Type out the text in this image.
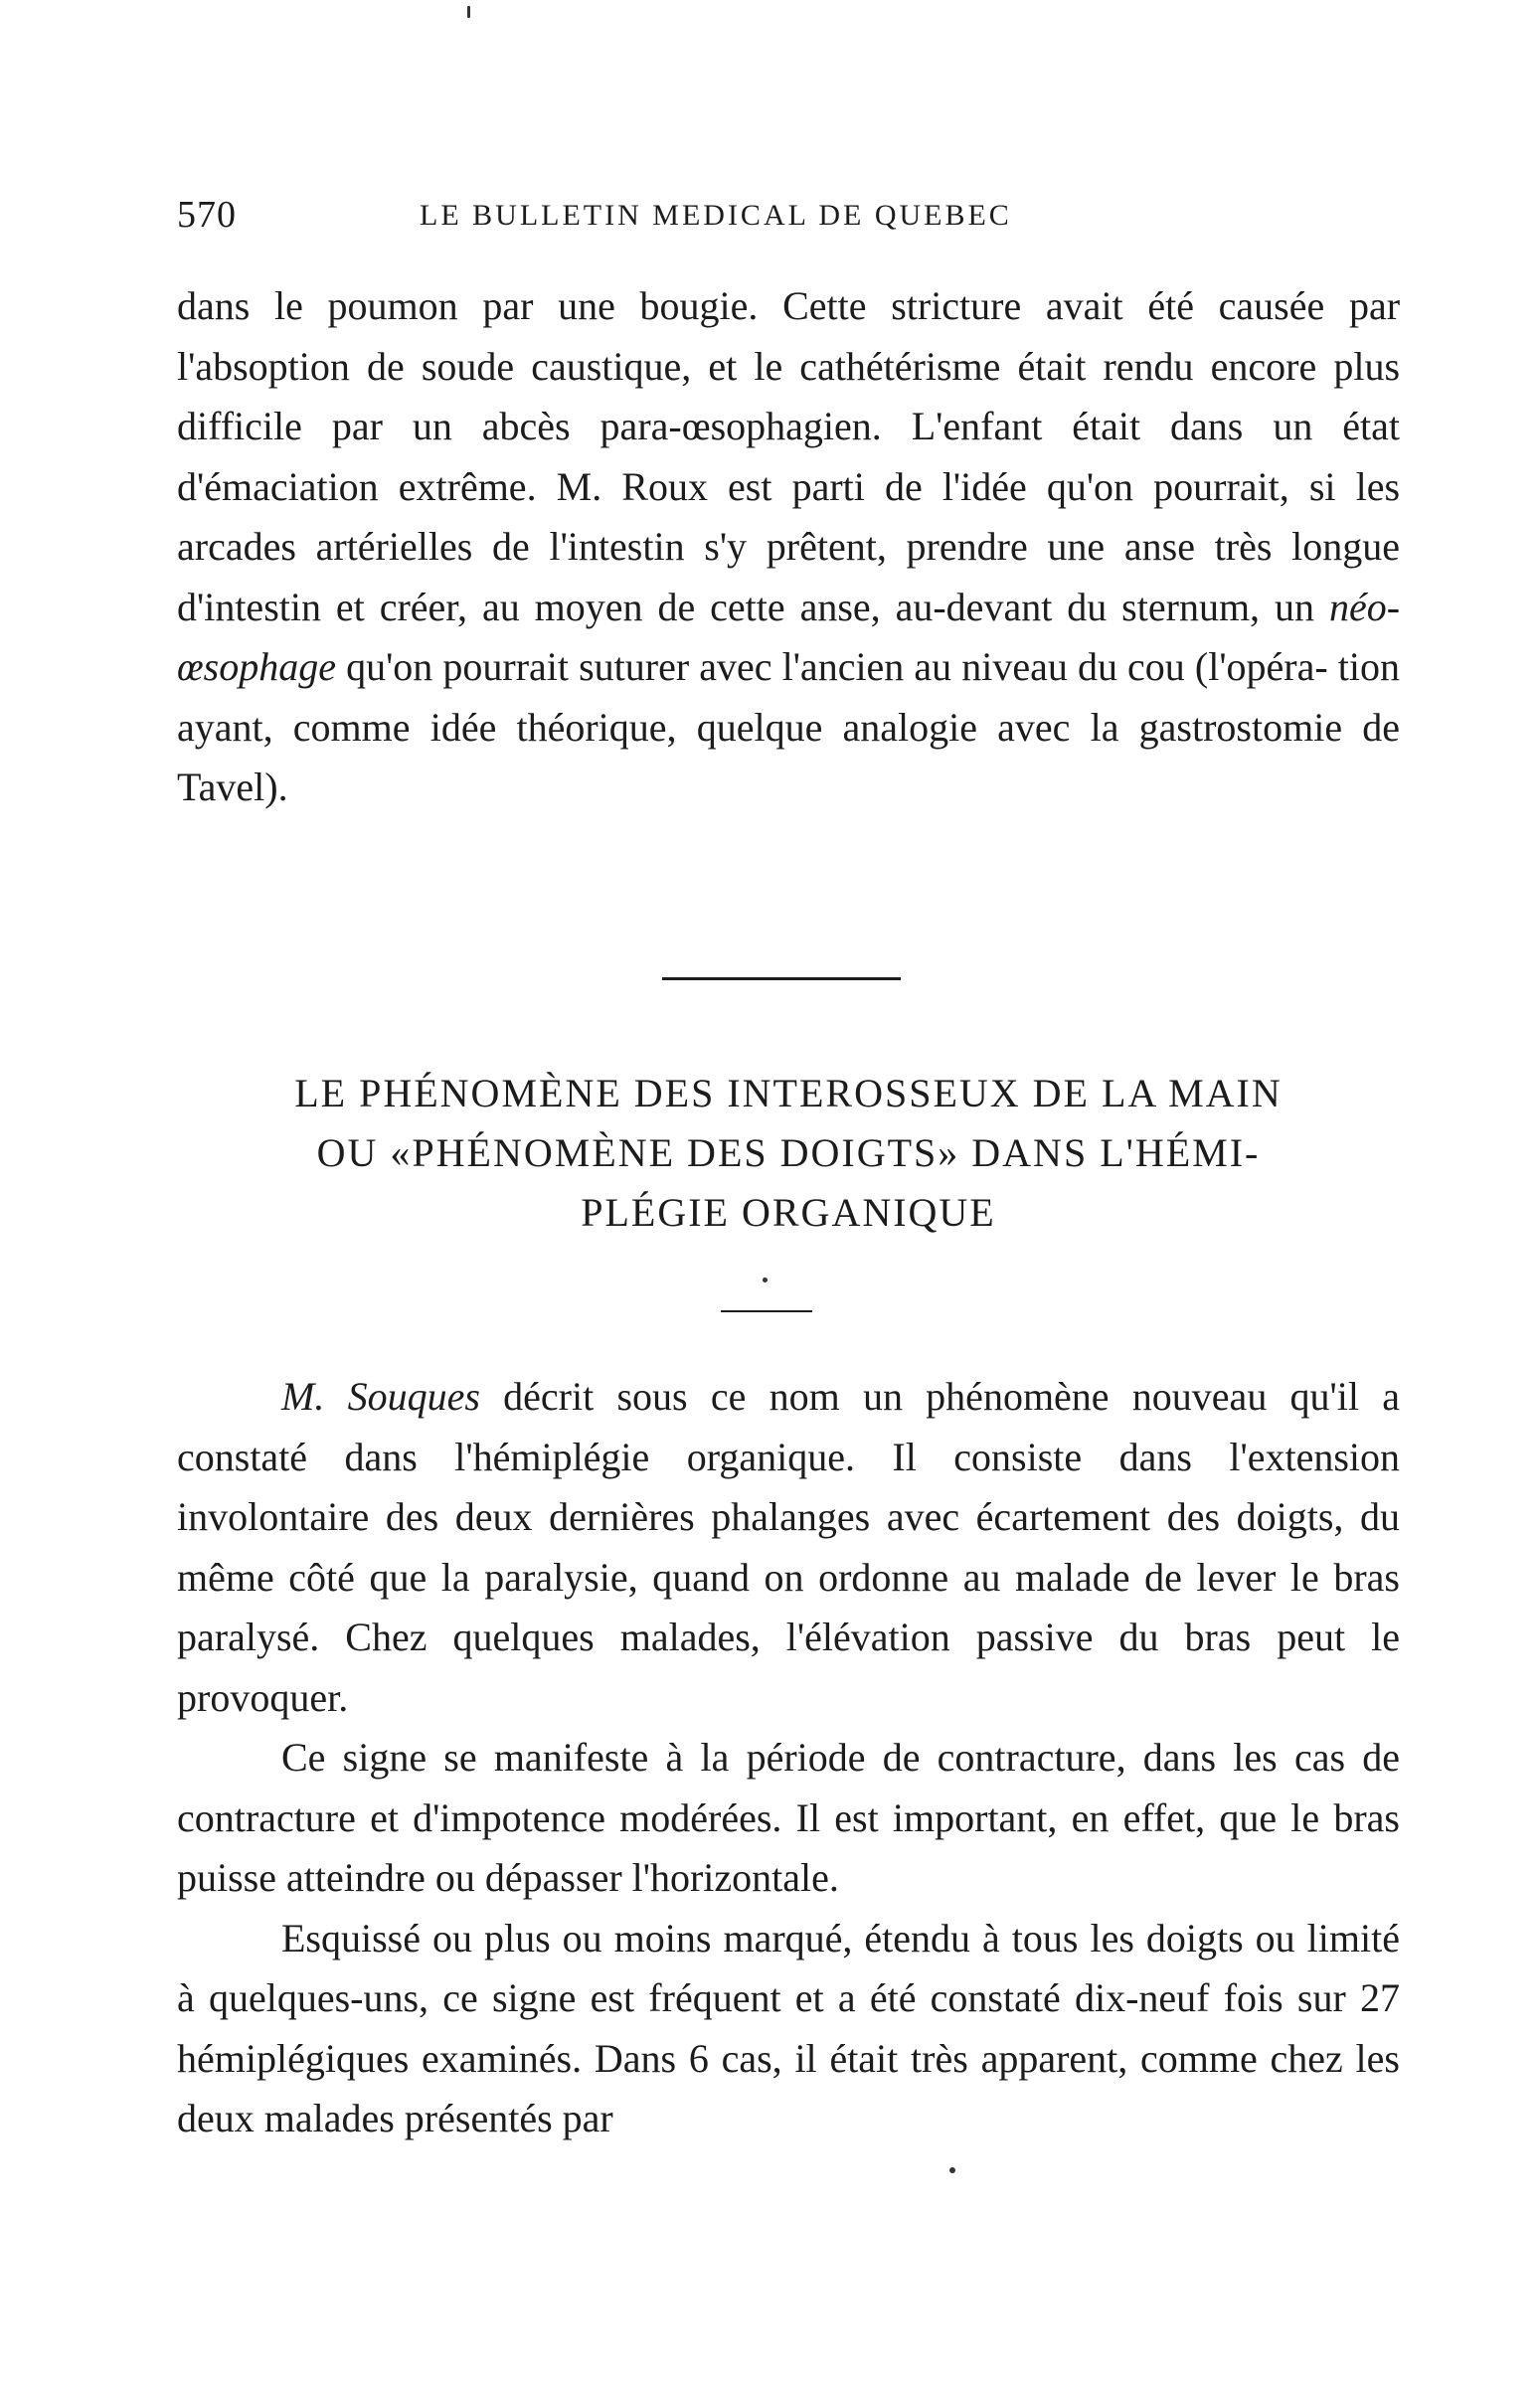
570	LE BULLETIN MEDICAL DE QUEBEC

dans le poumon par une bougie. Cette stricture avait été causée par l'absoption de soude caustique, et le cathétérisme était rendu encore plus difficile par un abcès para-œsophagien. L'enfant était dans un état d'émaciation extrême. M. Roux est parti de l'idée qu'on pourrait, si les arcades artérielles de l'intestin s'y prêtent, prendre une anse très longue d'intestin et créer, au moyen de cette anse, au-devant du sternum, un néo-œsophage qu'on pourrait suturer avec l'ancien au niveau du cou (l'opéra- tion ayant, comme idée théorique, quelque analogie avec la gastrostomie de Tavel).

LE PHÉNOMÈNE DES INTEROSSEUX DE LA MAIN
OU «PHÉNOMÈNE DES DOIGTS» DANS L'HÉMI-
PLÉGIE ORGANIQUE

M. Souques décrit sous ce nom un phénomène nouveau qu'il a constaté dans l'hémiplégie organique. Il consiste dans l'extension involontaire des deux dernières phalanges avec écartement des doigts, du même côté que la paralysie, quand on ordonne au malade de lever le bras paralysé. Chez quelques malades, l'élévation passive du bras peut le provoquer.

Ce signe se manifeste à la période de contracture, dans les cas de contracture et d'impotence modérées. Il est important, en effet, que le bras puisse atteindre ou dépasser l'horizontale.

Esquissé ou plus ou moins marqué, étendu à tous les doigts ou limité à quelques-uns, ce signe est fréquent et a été constaté dix-neuf fois sur 27 hémiplégiques examinés. Dans 6 cas, il était très apparent, comme chez les deux malades présentés par
